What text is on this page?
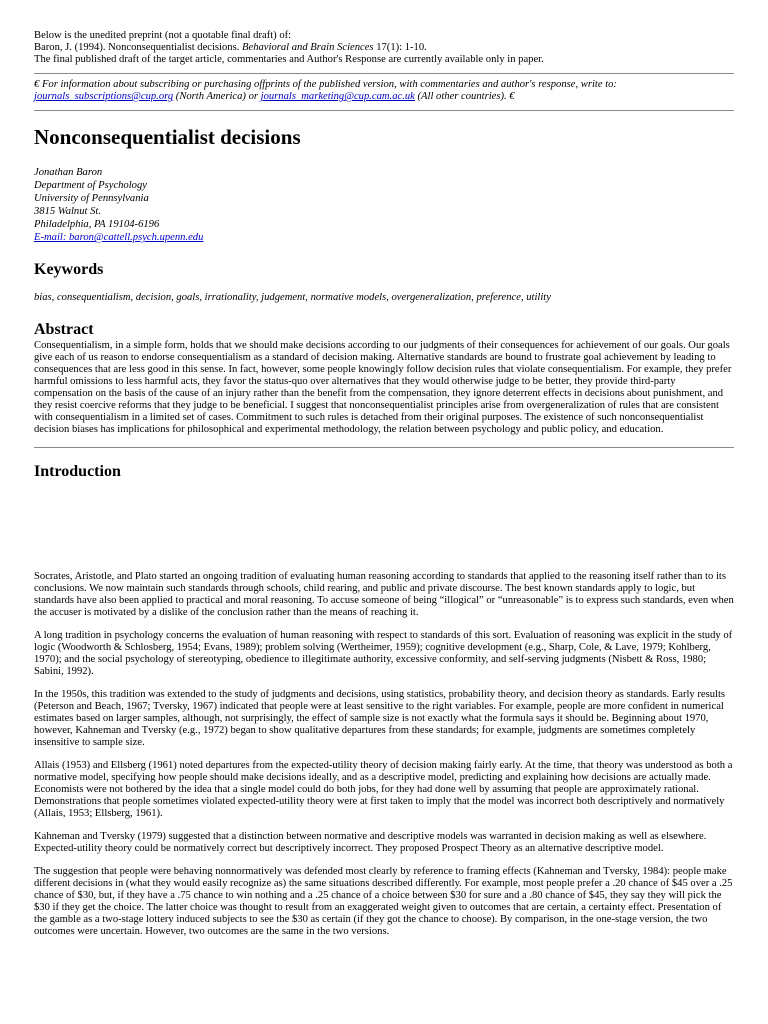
Below is the unedited preprint (not a quotable final draft) of:
Baron, J. (1994). Nonconsequentialist decisions. Behavioral and Brain Sciences 17(1): 1-10.
The final published draft of the target article, commentaries and Author's Response are currently available only in paper.
€ For information about subscribing or purchasing offprints of the published version, with commentaries and author's response, write to:
journals_subscriptions@cup.org (North America) or journals_marketing@cup.cam.ac.uk (All other countries). €
Nonconsequentialist decisions
Jonathan Baron
Department of Psychology
University of Pennsylvania
3815 Walnut St.
Philadelphia, PA 19104-6196
E-mail: baron@cattell.psych.upenn.edu
Keywords
bias, consequentialism, decision, goals, irrationality, judgement, normative models, overgeneralization, preference, utility
Abstract
Consequentialism, in a simple form, holds that we should make decisions according to our judgments of their consequences for achievement of our goals. Our goals give each of us reason to endorse consequentialism as a standard of decision making. Alternative standards are bound to frustrate goal achievement by leading to consequences that are less good in this sense. In fact, however, some people knowingly follow decision rules that violate consequentialism. For example, they prefer harmful omissions to less harmful acts, they favor the status-quo over alternatives that they would otherwise judge to be better, they provide third-party compensation on the basis of the cause of an injury rather than the benefit from the compensation, they ignore deterrent effects in decisions about punishment, and they resist coercive reforms that they judge to be beneficial. I suggest that nonconsequentialist principles arise from overgeneralization of rules that are consistent with consequentialism in a limited set of cases. Commitment to such rules is detached from their original purposes. The existence of such nonconsequentialist decision biases has implications for philosophical and experimental methodology, the relation between psychology and public policy, and education.
Introduction

Socrates, Aristotle, and Plato started an ongoing tradition of evaluating human reasoning according to standards that applied to the reasoning itself rather than to its conclusions. We now maintain such standards through schools, child rearing, and public and private discourse. The best known standards apply to logic, but standards have also been applied to practical and moral reasoning. To accuse someone of being “illogical” or “unreasonable” is to express such standards, even when the accuser is motivated by a dislike of the conclusion rather than the means of reaching it.

A long tradition in psychology concerns the evaluation of human reasoning with respect to standards of this sort. Evaluation of reasoning was explicit in the study of logic (Woodworth & Schlosberg, 1954; Evans, 1989); problem solving (Wertheimer, 1959); cognitive development (e.g., Sharp, Cole, & Lave, 1979; Kohlberg, 1970); and the social psychology of stereotyping, obedience to illegitimate authority, excessive conformity, and self-serving judgments (Nisbett & Ross, 1980; Sabini, 1992).

In the 1950s, this tradition was extended to the study of judgments and decisions, using statistics, probability theory, and decision theory as standards. Early results (Peterson and Beach, 1967; Tversky, 1967) indicated that people were at least sensitive to the right variables. For example, people are more confident in numerical estimates based on larger samples, although, not surprisingly, the effect of sample size is not exactly what the formula says it should be. Beginning about 1970, however, Kahneman and Tversky (e.g., 1972) began to show qualitative departures from these standards; for example, judgments are sometimes completely insensitive to sample size.

Allais (1953) and Ellsberg (1961) noted departures from the expected-utility theory of decision making fairly early. At the time, that theory was understood as both a normative model, specifying how people should make decisions ideally, and as a descriptive model, predicting and explaining how decisions are actually made. Economists were not bothered by the idea that a single model could do both jobs, for they had done well by assuming that people are approximately rational. Demonstrations that people sometimes violated expected-utility theory were at first taken to imply that the model was incorrect both descriptively and normatively (Allais, 1953; Ellsberg, 1961).

Kahneman and Tversky (1979) suggested that a distinction between normative and descriptive models was warranted in decision making as well as elsewhere. Expected-utility theory could be normatively correct but descriptively incorrect. They proposed Prospect Theory as an alternative descriptive model.

The suggestion that people were behaving nonnormatively was defended most clearly by reference to framing effects (Kahneman and Tversky, 1984): people make different decisions in (what they would easily recognize as) the same situations described differently. For example, most people prefer a .20 chance of $45 over a .25 chance of $30, but, if they have a .75 chance to win nothing and a .25 chance of a choice between $30 for sure and a .80 chance of $45, they say they will pick the $30 if they get the choice. The latter choice was thought to result from an exaggerated weight given to outcomes that are certain, a certainty effect. Presentation of the gamble as a two-stage lottery induced subjects to see the $30 as certain (if they got the chance to choose). By comparison, in the one-stage version, the two outcomes were uncertain. However, two outcomes are the same in the two versions.
